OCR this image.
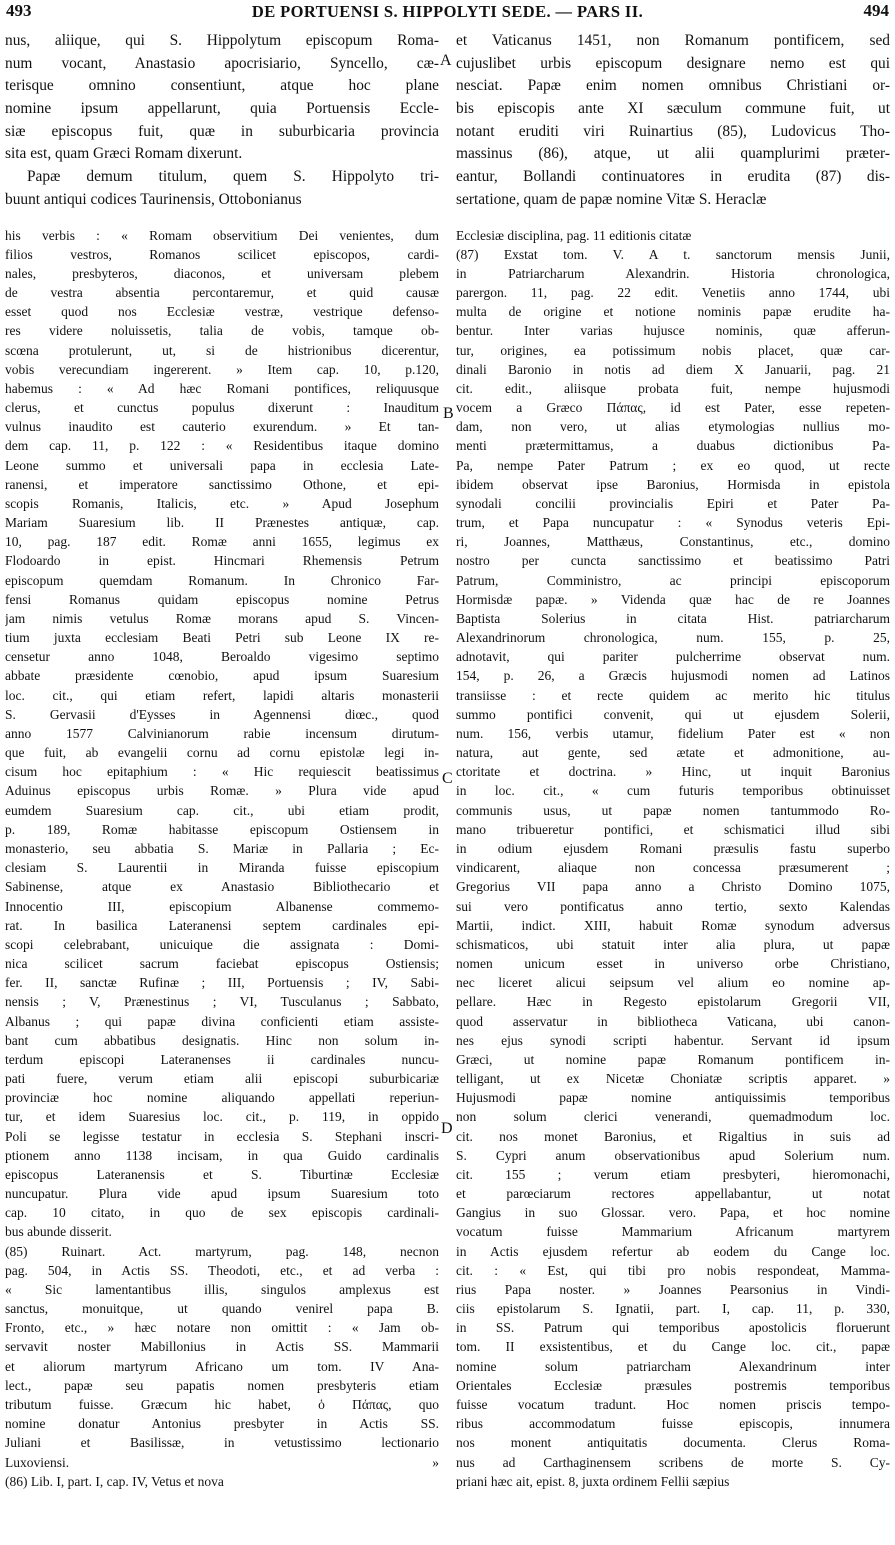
493	DE PORTUENSI S. HIPPOLYTI SEDE. — PARS II.	494
A
B
C
D
nus, aliique, qui S. Hippolytum episcopum Roma-
num vocant, Anastasio apocrisiario, Syncello, cæ-
terisque omnino consentiunt, atque hoc plane
nomine ipsum appellarunt, quia Portuensis Eccle-
siæ episcopus fuit, quæ in suburbicaria provincia
sita est, quam Græci Romam dixerunt.
Papæ demum titulum, quem S. Hippolyto tri-
buunt antiqui codices Taurinensis, Ottobonianus
his verbis : « Romam observitium Dei venientes, dum
filios vestros, Romanos scilicet episcopos, cardi-
nales, presbyteros, diaconos, et universam plebem
de vestra absentia percontaremur, et quid causæ
esset quod nos Ecclesiæ vestræ, vestrique defenso-
res videre noluissetis, talia de vobis, tamque ob-
scœna protulerunt, ut, si de histrionibus dicerentur,
vobis verecundiam ingererent. » Item cap. 10, p.120,
habemus : « Ad hæc Romani pontifices, reliquusque
clerus, et cunctus populus dixerunt : Inauditum
vulnus inaudito est cauterio exurendum. » Et tan-
dem cap. 11, p. 122 : « Residentibus itaque domino
Leone summo et universali papa in ecclesia Late-
ranensi, et imperatore sanctissimo Othone, et epi-
scopis Romanis, Italicis, etc. » Apud Josephum
Mariam Suaresium lib. II Prænestes antiquæ, cap.
10, pag. 187 edit. Romæ anni 1655, legimus ex
Flodoardo in epist. Hincmari Rhemensis Petrum
episcopum quemdam Romanum. In Chronico Far-
fensi Romanus quidam episcopus nomine Petrus
jam nimis vetulus Romæ morans apud S. Vincen-
tium juxta ecclesiam Beati Petri sub Leone IX re-
censetur anno 1048, Beroaldo vigesimo septimo
abbate præsidente cœnobio, apud ipsum Suaresium
loc. cit., qui etiam refert, lapidi altaris monasterii
S. Gervasii d'Eysses in Agennensi diœc., quod
anno 1577 Calvinianorum rabie incensum dirutum-
que fuit, ab evangelii cornu ad cornu epistolæ legi in-
cisum hoc epitaphium : « Hic requiescit beatissimus
Aduinus episcopus urbis Romæ. » Plura vide apud
eumdem Suaresium cap. cit., ubi etiam prodit,
p. 189, Romæ habitasse episcopum Ostiensem in
monasterio, seu abbatia S. Mariæ in Pallaria ; Ec-
clesiam S. Laurentii in Miranda fuisse episcopium
Sabinense, atque ex Anastasio Bibliothecario et
Innocentio III, episcopium Albanense commemo-
rat. In basilica Lateranensi septem cardinales epi-
scopi celebrabant, unicuique die assignata : Domi-
nica scilicet sacrum faciebat episcopus Ostiensis;
fer. II, sanctæ Rufinæ ; III, Portuensis ; IV, Sabi-
nensis ; V, Prænestinus ; VI, Tusculanus ; Sabbato,
Albanus ; qui papæ divina conficienti etiam assiste-
bant cum abbatibus designatis. Hinc non solum in-
terdum episcopi Lateranenses ii cardinales nuncu-
pati fuere, verum etiam alii episcopi suburbicariæ
provinciæ hoc nomine aliquando appellati reperiun-
tur, et idem Suaresius loc. cit., p. 119, in oppido
Poli se legisse testatur in ecclesia S. Stephani inscri-
ptionem anno 1138 incisam, in qua Guido cardinalis
episcopus Lateranensis et S. Tiburtinæ Ecclesiæ
nuncupatur. Plura vide apud ipsum Suaresium toto
cap. 10 citato, in quo de sex episcopis cardinali-
bus abunde disserit.
(85) Ruinart. Act. martyrum, pag. 148, necnon
pag. 504, in Actis SS. Theodoti, etc., et ad verba :
« Sic lamentantibus illis, singulos amplexus est
sanctus, monuitque, ut quando venirel papa B.
Fronto, etc., » hæc notare non omittit : « Jam ob-
servavit noster Mabillonius in Actis SS. Mammarii
et aliorum martyrum Africano um tom. IV Ana-
lect., papæ seu papatis nomen presbyteris etiam
tributum fuisse. Græcum hic habet, ὁ Πάπας, quo
nomine donatur Antonius presbyter in Actis SS.
Juliani et Basilissæ, in vetustissimo lectionario
Luxoviensi. »
(86) Lib. I, part. I, cap. IV, Vetus et nova
et Vaticanus 1451, non Romanum pontificem, sed
cujuslibet urbis episcopum designare nemo est qui
nesciat. Papæ enim nomen omnibus Christiani or-
bis episcopis ante XI sæculum commune fuit, ut
notant eruditi viri Ruinartius (85), Ludovicus Tho-
massinus (86), atque, ut alii quamplurimi præter-
eantur, Bollandi continuatores in erudita (87) dis-
sertatione, quam de papæ nomine Vitæ S. Heraclæ
Ecclesiæ disciplina, pag. 11 editionis citatæ
(87) Exstat tom. V. A t. sanctorum mensis Junii,
in Patriarcharum Alexandrin. Historia chronologica,
parergon. 11, pag. 22 edit. Venetiis anno 1744, ubi
multa de origine et notione nominis papæ erudite ha-
bentur. Inter varias hujusce nominis, quæ afferun-
tur, origines, ea potissimum nobis placet, quæ car-
dinali Baronio in notis ad diem X Januarii, pag. 21
cit. edit., aliisque probata fuit, nempe hujusmodi
vocem a Græco Πάπας, id est Pater, esse repeten-
dam, non vero, ut alias etymologias nullius mo-
menti prætermittamus, a duabus dictionibus Pa-
Pa, nempe Pater Patrum ; ex eo quod, ut recte
ibidem observat ipse Baronius, Hormisda in epistola
synodali concilii provincialis Epiri et Pater Pa-
trum, et Papa nuncupatur : « Synodus veteris Epi-
ri, Joannes, Matthæus, Constantinus, etc., domino
nostro per cuncta sanctissimo et beatissimo Patri
Patrum, Comministro, ac principi episcoporum
Hormisdæ papæ. » Videnda quæ hac de re Joannes
Baptista Solerius in citata Hist. patriarcharum
Alexandrinorum chronologica, num. 155, p. 25,
adnotavit, qui pariter pulcherrime observat num.
154, p. 26, a Græcis hujusmodi nomen ad Latinos
transiisse : et recte quidem ac merito hic titulus
summo pontifici convenit, qui ut ejusdem Solerii,
num. 156, verbis utamur, fidelium Pater est « non
natura, aut gente, sed ætate et admonitione, au-
ctoritate et doctrina. » Hinc, ut inquit Baronius
in loc. cit., « cum futuris temporibus obtinuisset
communis usus, ut papæ nomen tantummodo Ro-
mano tribueretur pontifici, et schismatici illud sibi
in odium ejusdem Romani præsulis fastu superbo
vindicarent, aliaque non concessa præsumerent ;
Gregorius VII papa anno a Christo Domino 1075,
sui vero pontificatus anno tertio, sexto Kalendas
Martii, indict. XIII, habuit Romæ synodum adversus
schismaticos, ubi statuit inter alia plura, ut papæ
nomen unicum esset in universo orbe Christiano,
nec liceret alicui seipsum vel alium eo nomine ap-
pellare. Hæc in Regesto epistolarum Gregorii VII,
quod asservatur in bibliotheca Vaticana, ubi canon-
nes ejus synodi scripti habentur. Servant id ipsum
Græci, ut nomine papæ Romanum pontificem in-
telligant, ut ex Nicetæ Choniatæ scriptis apparet. »
Hujusmodi papæ nomine antiquissimis temporibus
non solum clerici venerandi, quemadmodum loc.
cit. nos monet Baronius, et Rigaltius in suis ad
S. Cypri anum observationibus apud Solerium num.
cit. 155 ; verum etiam presbyteri, hieromonachi,
et parœciarum rectores appellabantur, ut notat
Gangius in suo Glossar. vero. Papa, et hoc nomine
vocatum fuisse Mammarium Africanum martyrem
in Actis ejusdem refertur ab eodem du Cange loc.
cit. : « Est, qui tibi pro nobis respondeat, Mamma-
rius Papa noster. » Joannes Pearsonius in Vindi-
ciis epistolarum S. Ignatii, part. I, cap. 11, p. 330,
in SS. Patrum qui temporibus apostolicis floruerunt
tom. II exsistentibus, et du Cange loc. cit., papæ
nomine solum patriarcham Alexandrinum inter
Orientales Ecclesiæ præsules postremis temporibus
fuisse vocatum tradunt. Hoc nomen priscis tempo-
ribus accommodatum fuisse episcopis, innumera
nos monent antiquitatis documenta. Clerus Roma-
nus ad Carthaginensem scribens de morte S. Cy-
priani hæc ait, epist. 8, juxta ordinem Fellii sæpius
